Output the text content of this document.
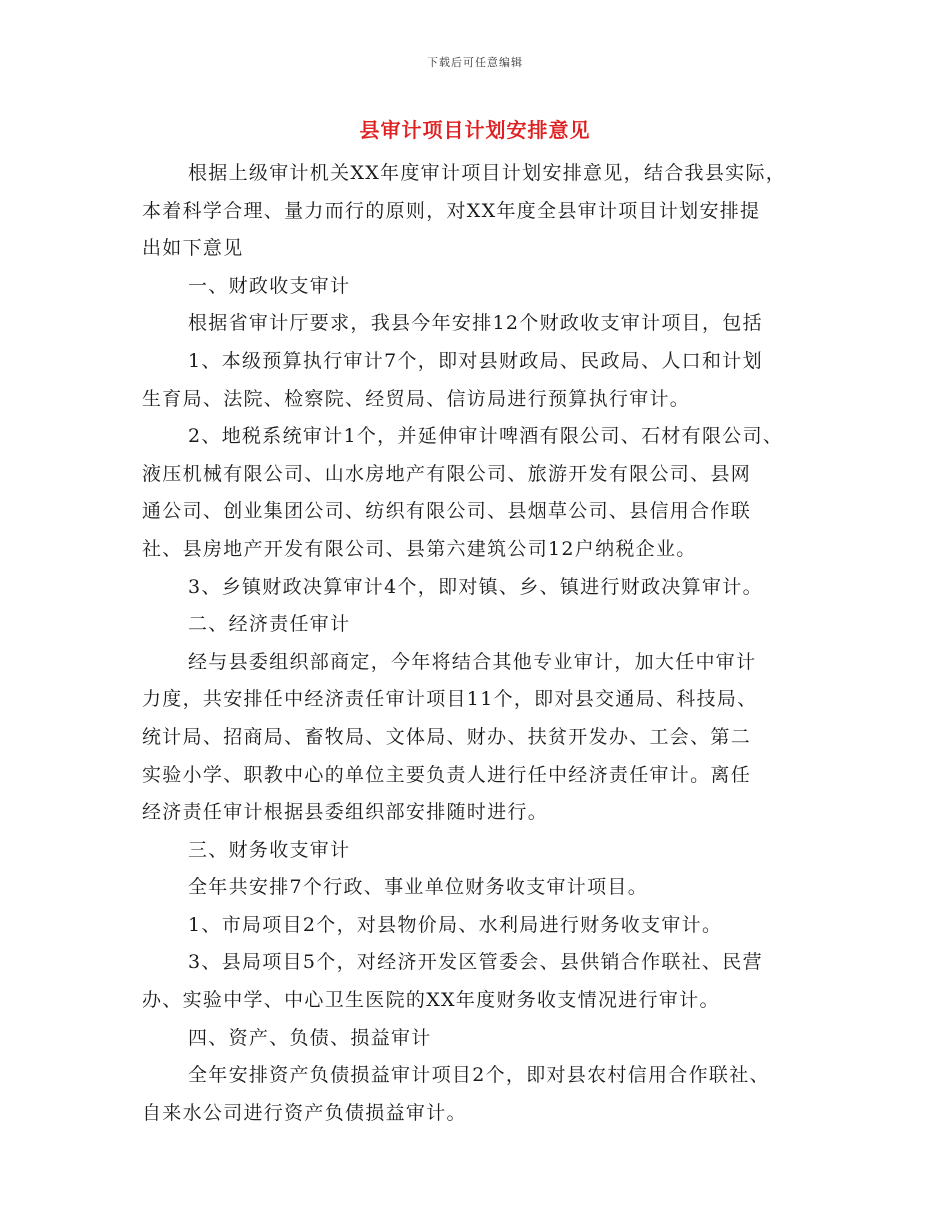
下载后可任意编辑
县审计项目计划安排意见
根据上级审计机关XX年度审计项目计划安排意见，结合我县实际，
本着科学合理、量力而行的原则，对XX年度全县审计项目计划安排提
出如下意见
一、财政收支审计
根据省审计厅要求，我县今年安排12个财政收支审计项目，包括
1、本级预算执行审计7个，即对县财政局、民政局、人口和计划
生育局、法院、检察院、经贸局、信访局进行预算执行审计。
2、地税系统审计1个，并延伸审计啤酒有限公司、石材有限公司、
液压机械有限公司、山水房地产有限公司、旅游开发有限公司、县网
通公司、创业集团公司、纺织有限公司、县烟草公司、县信用合作联
社、县房地产开发有限公司、县第六建筑公司12户纳税企业。
3、乡镇财政决算审计4个，即对镇、乡、镇进行财政决算审计。
二、经济责任审计
经与县委组织部商定，今年将结合其他专业审计，加大任中审计
力度，共安排任中经济责任审计项目11个，即对县交通局、科技局、
统计局、招商局、畜牧局、文体局、财办、扶贫开发办、工会、第二
实验小学、职教中心的单位主要负责人进行任中经济责任审计。离任
经济责任审计根据县委组织部安排随时进行。
三、财务收支审计
全年共安排7个行政、事业单位财务收支审计项目。
1、市局项目2个，对县物价局、水利局进行财务收支审计。
3、县局项目5个，对经济开发区管委会、县供销合作联社、民营
办、实验中学、中心卫生医院的XX年度财务收支情况进行审计。
四、资产、负债、损益审计
全年安排资产负债损益审计项目2个，即对县农村信用合作联社、
自来水公司进行资产负债损益审计。
